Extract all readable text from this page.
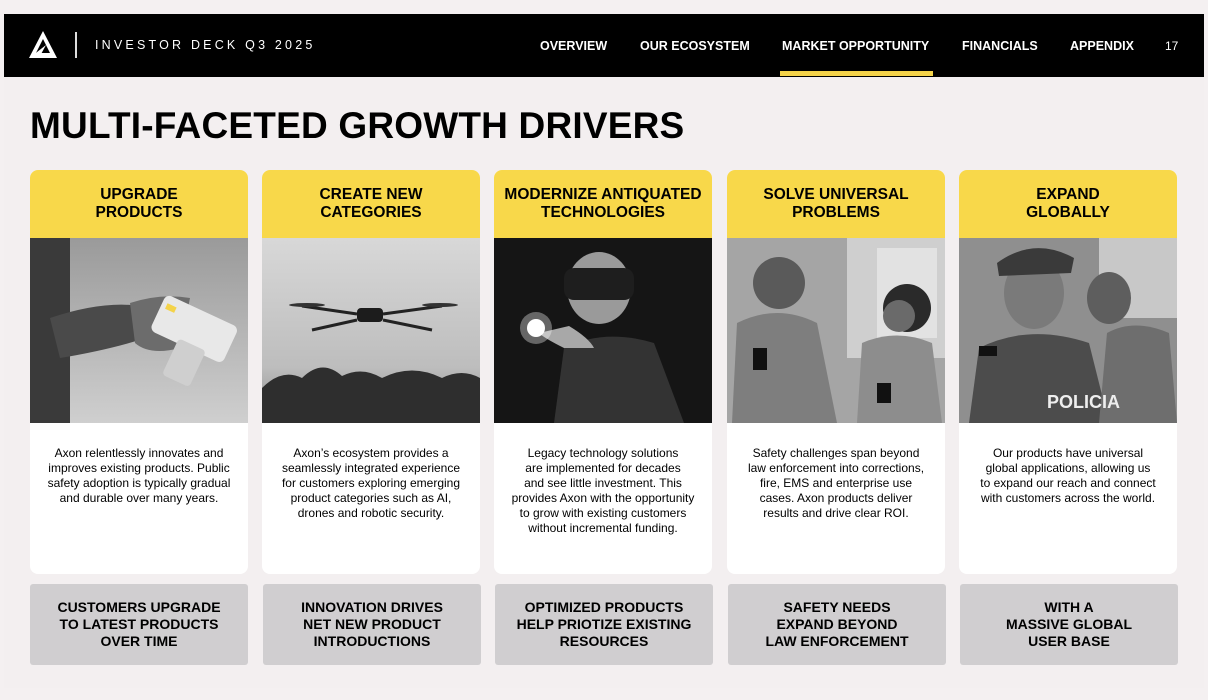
INVESTOR DECK Q3 2025	OVERVIEW	OUR ECOSYSTEM	MARKET OPPORTUNITY	FINANCIALS	APPENDIX	17
MULTI-FACETED GROWTH DRIVERS
UPGRADE
PRODUCTS
Axon relentlessly innovates and
improves existing products. Public
safety adoption is typically gradual
and durable over many years.
CREATE NEW
CATEGORIES
Axon’s ecosystem provides a
seamlessly integrated experience
for customers exploring emerging
product categories such as AI,
drones and robotic security.
MODERNIZE ANTIQUATED
TECHNOLOGIES
Legacy technology solutions
are implemented for decades
and see little investment. This
provides Axon with the opportunity
to grow with existing customers
without incremental funding.
SOLVE UNIVERSAL
PROBLEMS
Safety challenges span beyond
law enforcement into corrections,
fire, EMS and enterprise use
cases. Axon products deliver
results and drive clear ROI.
EXPAND
GLOBALLY
POLICIA
Our products have universal
global applications, allowing us
to expand our reach and connect
with customers across the world.
CUSTOMERS UPGRADE
TO LATEST PRODUCTS
OVER TIME
INNOVATION DRIVES
NET NEW PRODUCT
INTRODUCTIONS
OPTIMIZED PRODUCTS
HELP PRIOTIZE EXISTING
RESOURCES
SAFETY NEEDS
EXPAND BEYOND
LAW ENFORCEMENT
WITH A
MASSIVE GLOBAL
USER BASE
